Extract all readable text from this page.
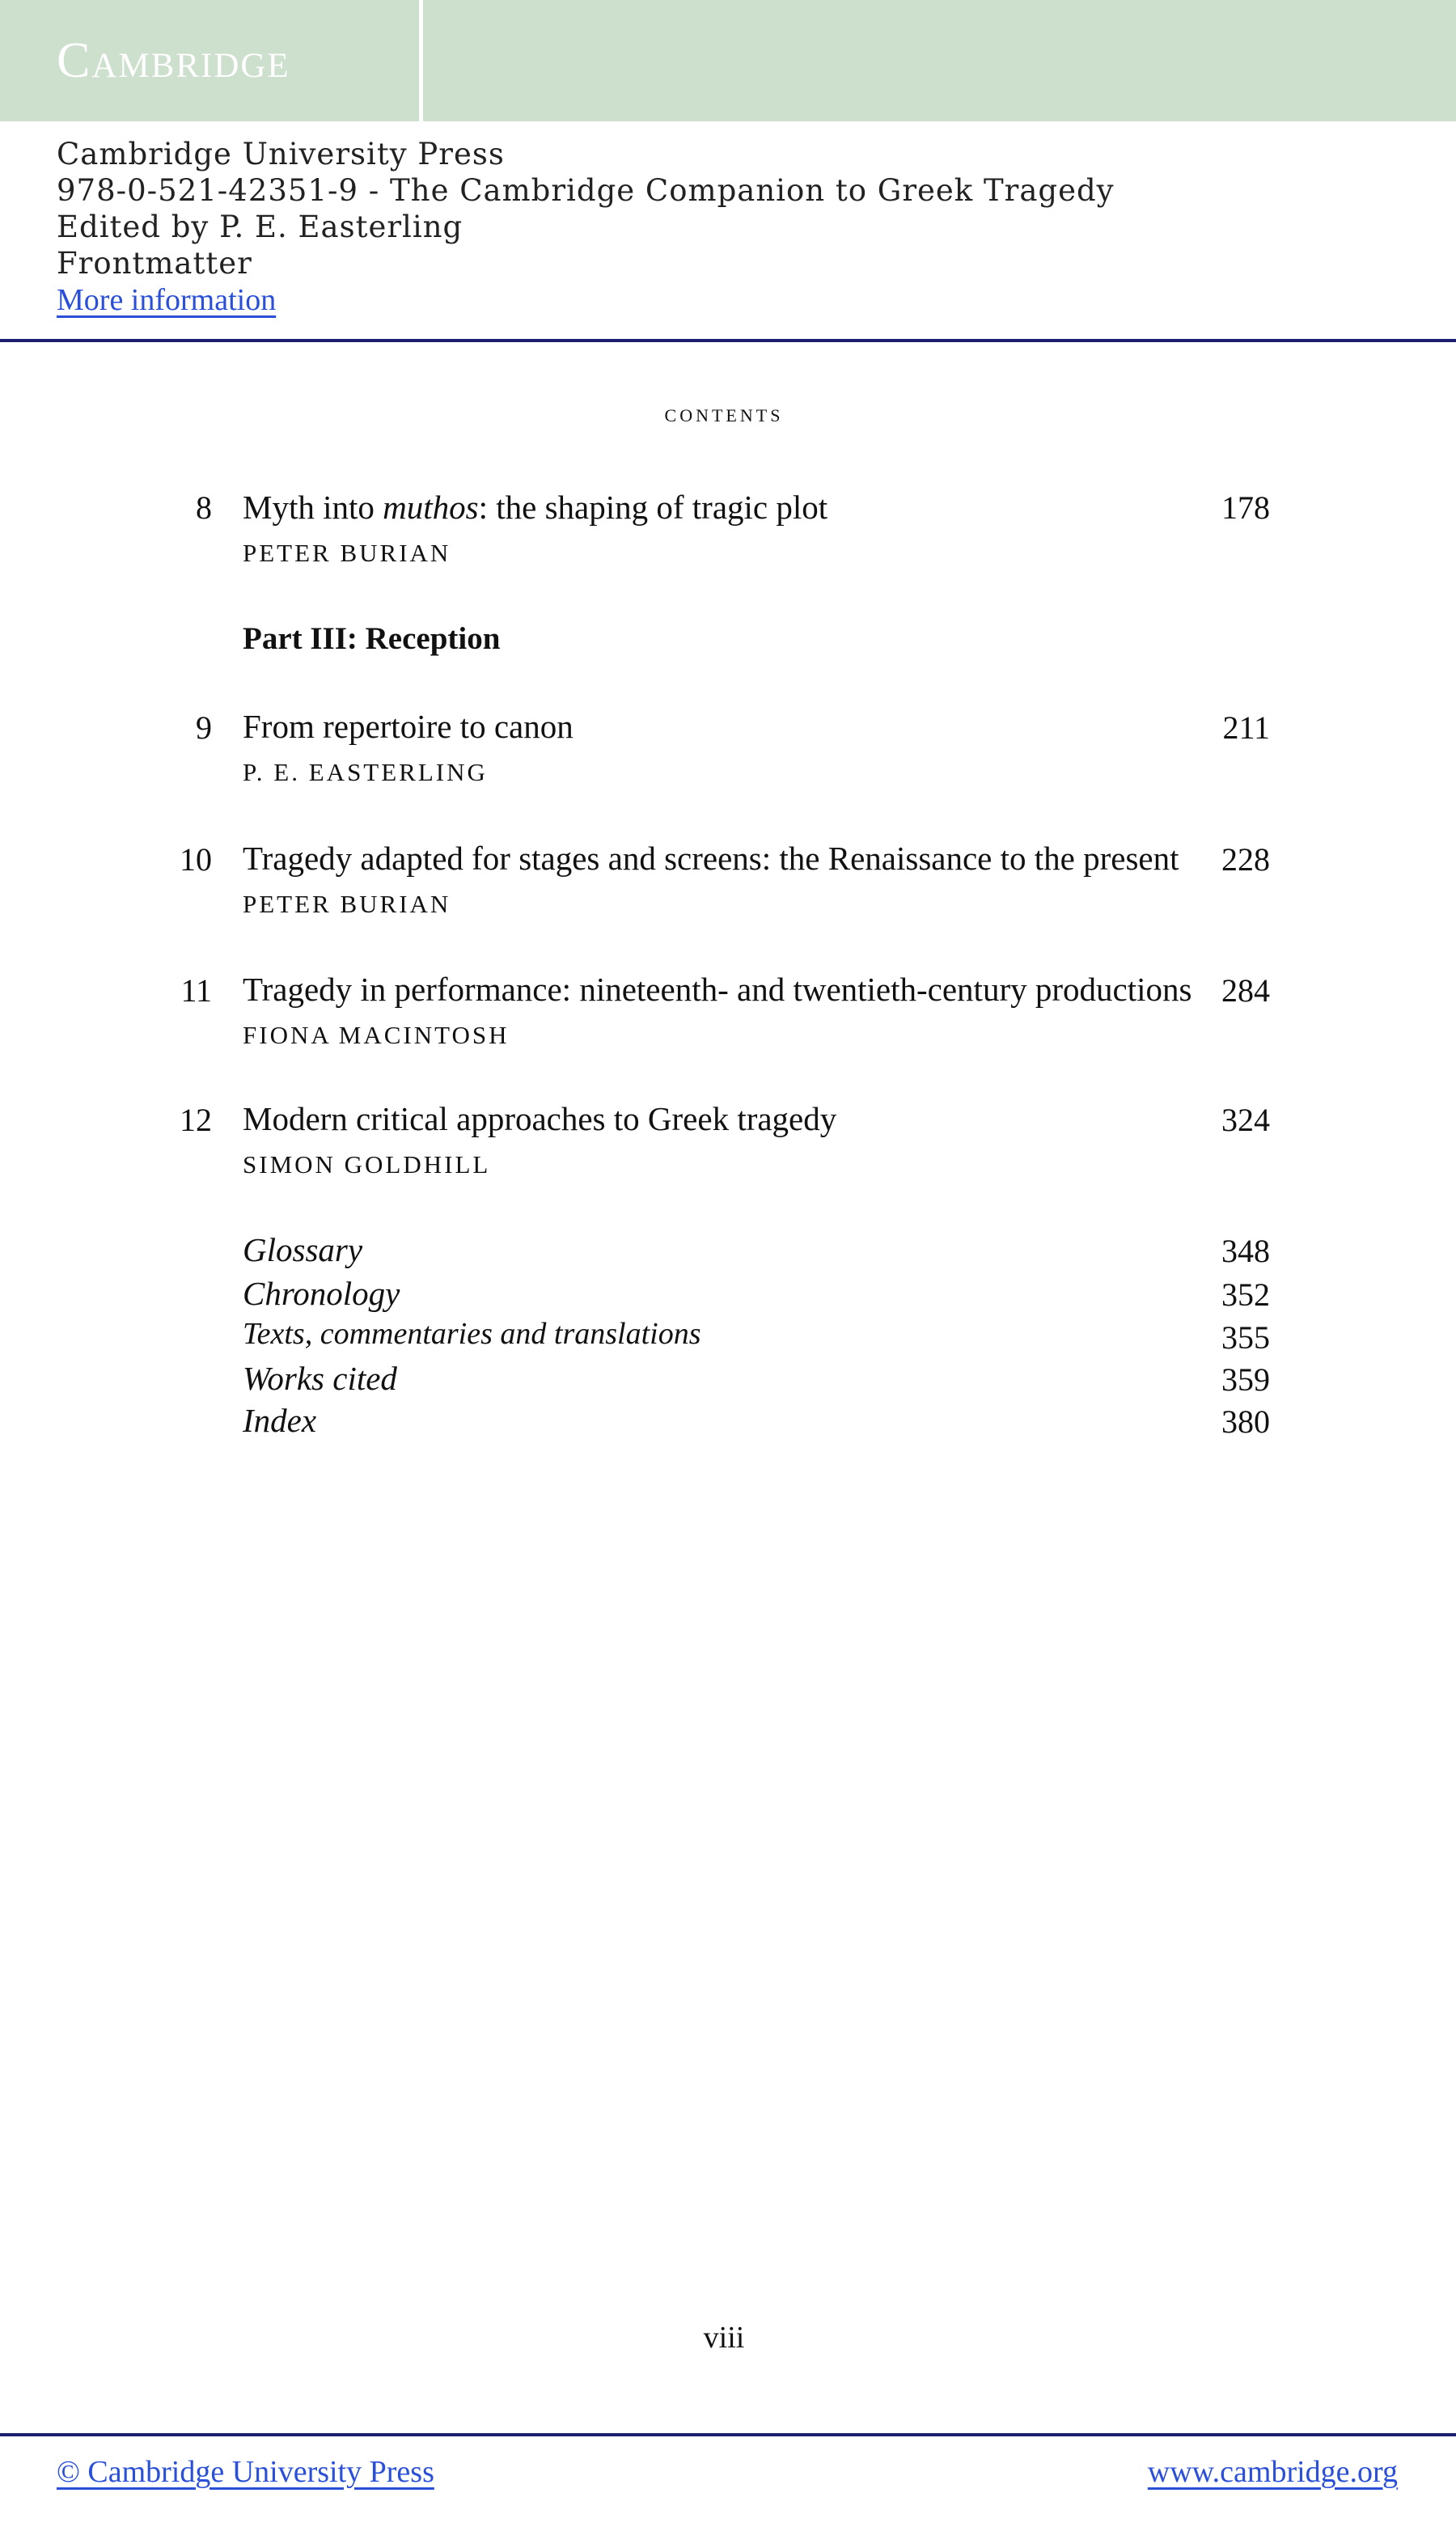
Cambridge
Cambridge University Press
978-0-521-42351-9 - The Cambridge Companion to Greek Tragedy
Edited by P. E. Easterling
Frontmatter
More information
contents
8 Myth into muthos: the shaping of tragic plot	178
PETER BURIAN
Part III: Reception
9 From repertoire to canon	211
P. E. EASTERLING
10 Tragedy adapted for stages and screens: the Renaissance to the present	228
PETER BURIAN
11 Tragedy in performance: nineteenth- and twentieth-century productions 284
FIONA MACINTOSH
12 Modern critical approaches to Greek tragedy	324
SIMON GOLDHILL
Glossary	348
Chronology	352
Texts, commentaries and translations	355
Works cited	359
Index	380
viii
© Cambridge University Press	www.cambridge.org
